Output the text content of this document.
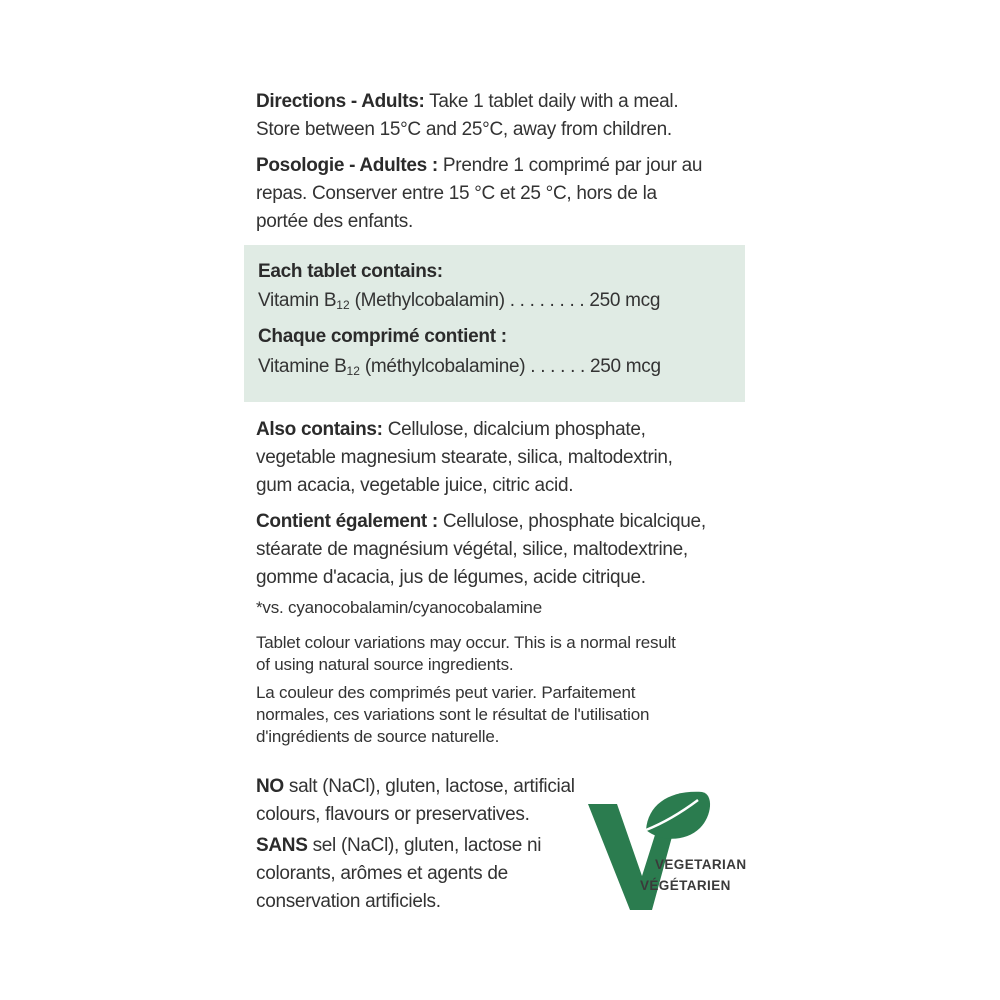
Directions - Adults: Take 1 tablet daily with a meal.
Store between 15°C and 25°C, away from children.
Posologie - Adultes : Prendre 1 comprimé par jour au
repas. Conserver entre 15 °C et 25 °C, hors de la
portée des enfants.
Each tablet contains:
Vitamin $B_{12}$ (Methylcobalamin) . . . . . . . . 250 mcg
Chaque comprimé contient :
Vitamine $B_{12}$ (méthylcobalamine) . . . . . . 250 mcg
Also contains: Cellulose, dicalcium phosphate,
vegetable magnesium stearate, silica, maltodextrin,
gum acacia, vegetable juice, citric acid.
Contient également : Cellulose, phosphate bicalcique,
stéarate de magnésium végétal, silice, maltodextrine,
gomme d'acacia, jus de légumes, acide citrique.
*vs. cyanocobalamin/cyanocobalamine
Tablet colour variations may occur. This is a normal result
of using natural source ingredients.
La couleur des comprimés peut varier. Parfaitement
normales, ces variations sont le résultat de l'utilisation
d'ingrédients de source naturelle.
NO salt (NaCl), gluten, lactose, artificial
colours, flavours or preservatives.
SANS sel (NaCl), gluten, lactose ni
colorants, arômes et agents de
conservation artificiels.
VEGETARIAN
VÉGÉTARIEN
